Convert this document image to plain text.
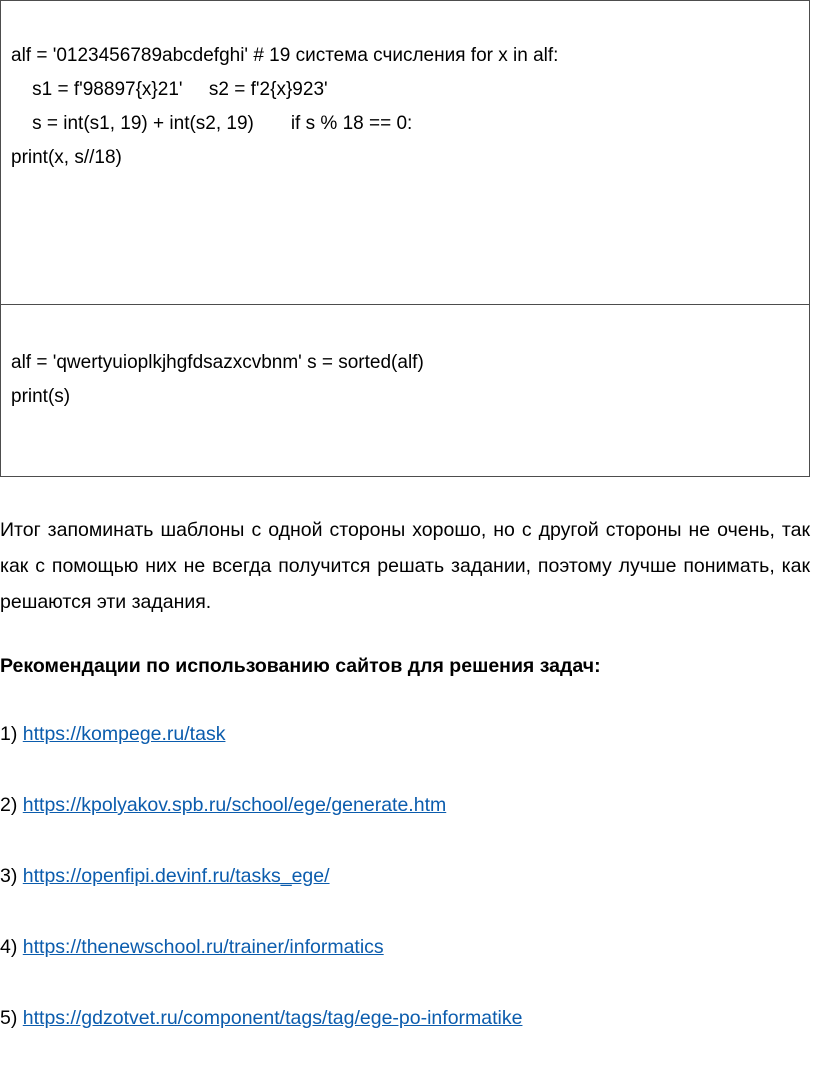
alf = '0123456789abcdefghi' # 19 система счисления for x in alf:
s1 = f'98897{x}21'     s2 = f'2{x}923'
s = int(s1, 19) + int(s2, 19)       if s % 18 == 0:
print(x, s//18)

alf = 'qwertyuioplkjhgfdsazxcvbnm' s = sorted(alf)
print(s)

Итог запоминать шаблоны с одной стороны хорошо, но с другой стороны не очень, так как с помощью них не всегда получится решать задании, поэтому лучше понимать, как решаются эти задания.

Рекомендации по использованию сайтов для решения задач:

1) https://kompege.ru/task
2) https://kpolyakov.spb.ru/school/ege/generate.htm
3) https://openfipi.devinf.ru/tasks_ege/
4) https://thenewschool.ru/trainer/informatics
5) https://gdzotvet.ru/component/tags/tag/ege-po-informatike
